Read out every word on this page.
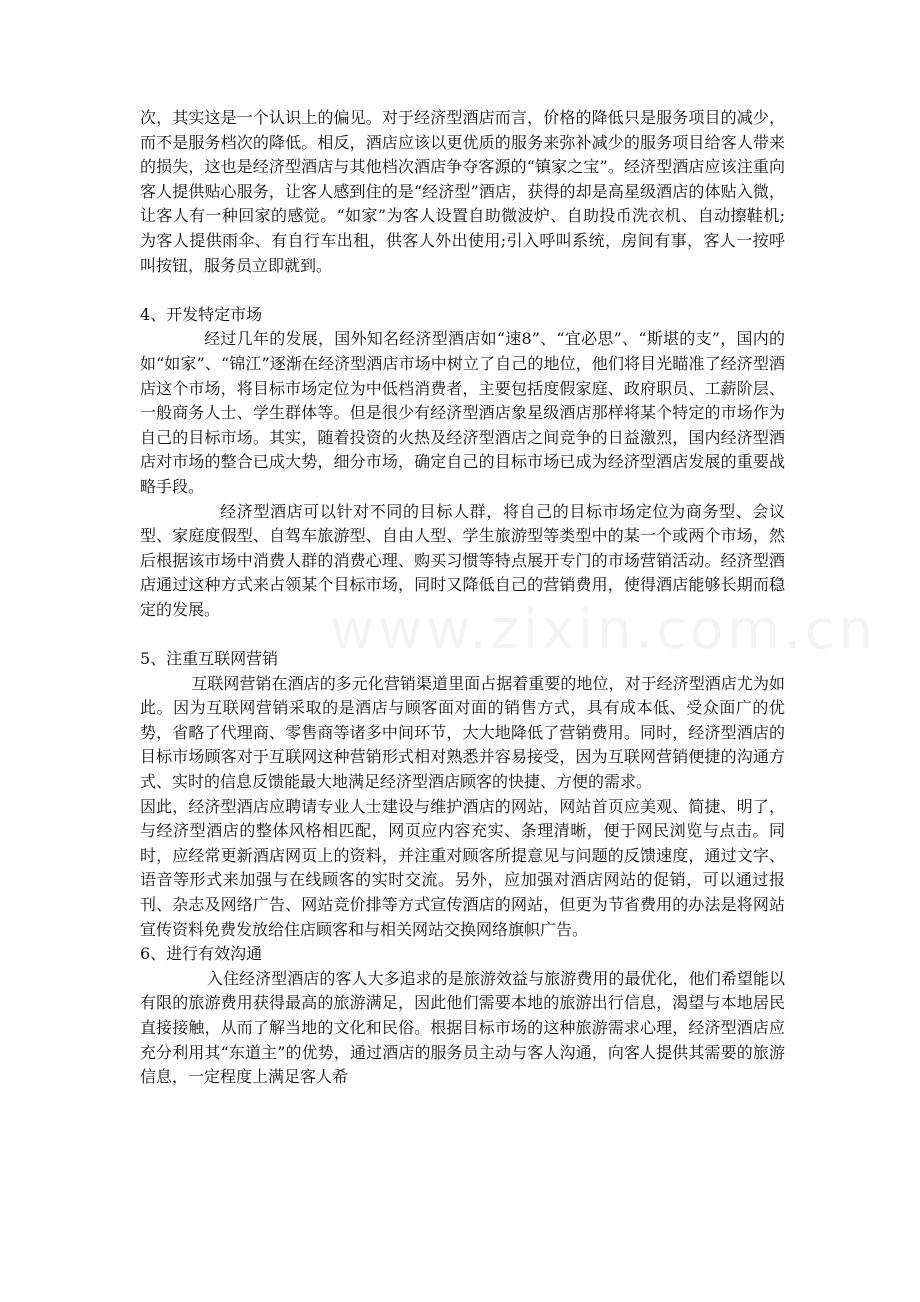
次，其实这是一个认识上的偏见。对于经济型酒店而言，价格的降低只是服务项目的减少，而不是服务档次的降低。相反，酒店应该以更优质的服务来弥补减少的服务项目给客人带来的损失，这也是经济型酒店与其他档次酒店争夺客源的“镇家之宝”。经济型酒店应该注重向客人提供贴心服务，让客人感到住的是“经济型”酒店，获得的却是高星级酒店的体贴入微，让客人有一种回家的感觉。“如家”为客人设置自助微波炉、自助投币洗衣机、自动擦鞋机;为客人提供雨伞、有自行车出租，供客人外出使用;引入呼叫系统，房间有事，客人一按呼叫按钮，服务员立即就到。

4、开发特定市场

经过几年的发展，国外知名经济型酒店如“速8”、“宜必思”、“斯堪的支”，国内的如“如家”、“锦江”逐渐在经济型酒店市场中树立了自己的地位，他们将目光瞄准了经济型酒店这个市场，将目标市场定位为中低档消费者，主要包括度假家庭、政府职员、工薪阶层、一般商务人士、学生群体等。但是很少有经济型酒店象星级酒店那样将某个特定的市场作为自己的目标市场。其实，随着投资的火热及经济型酒店之间竞争的日益激烈，国内经济型酒店对市场的整合已成大势，细分市场，确定自己的目标市场已成为经济型酒店发展的重要战略手段。

经济型酒店可以针对不同的目标人群，将自己的目标市场定位为商务型、会议型、家庭度假型、自驾车旅游型、自由人型、学生旅游型等类型中的某一个或两个市场，然后根据该市场中消费人群的消费心理、购买习惯等特点展开专门的市场营销活动。经济型酒店通过这种方式来占领某个目标市场，同时又降低自己的营销费用，使得酒店能够长期而稳定的发展。

5、注重互联网营销

互联网营销在酒店的多元化营销渠道里面占据着重要的地位，对于经济型酒店尤为如此。因为互联网营销采取的是酒店与顾客面对面的销售方式，具有成本低、受众面广的优势，省略了代理商、零售商等诸多中间环节，大大地降低了营销费用。同时，经济型酒店的目标市场顾客对于互联网这种营销形式相对熟悉并容易接受，因为互联网营销便捷的沟通方式、实时的信息反馈能最大地满足经济型酒店顾客的快捷、方便的需求。

因此，经济型酒店应聘请专业人士建设与维护酒店的网站，网站首页应美观、简捷、明了，与经济型酒店的整体风格相匹配，网页应内容充实、条理清晰，便于网民浏览与点击。同时，应经常更新酒店网页上的资料，并注重对顾客所提意见与问题的反馈速度，通过文字、语音等形式来加强与在线顾客的实时交流。另外，应加强对酒店网站的促销，可以通过报刊、杂志及网络广告、网站竞价排等方式宣传酒店的网站，但更为节省费用的办法是将网站宣传资料免费发放给住店顾客和与相关网站交换网络旗帜广告。

6、进行有效沟通

入住经济型酒店的客人大多追求的是旅游效益与旅游费用的最优化，他们希望能以有限的旅游费用获得最高的旅游满足，因此他们需要本地的旅游出行信息，渴望与本地居民直接接触，从而了解当地的文化和民俗。根据目标市场的这种旅游需求心理，经济型酒店应充分利用其“东道主”的优势，通过酒店的服务员主动与客人沟通，向客人提供其需要的旅游信息，一定程度上满足客人希
